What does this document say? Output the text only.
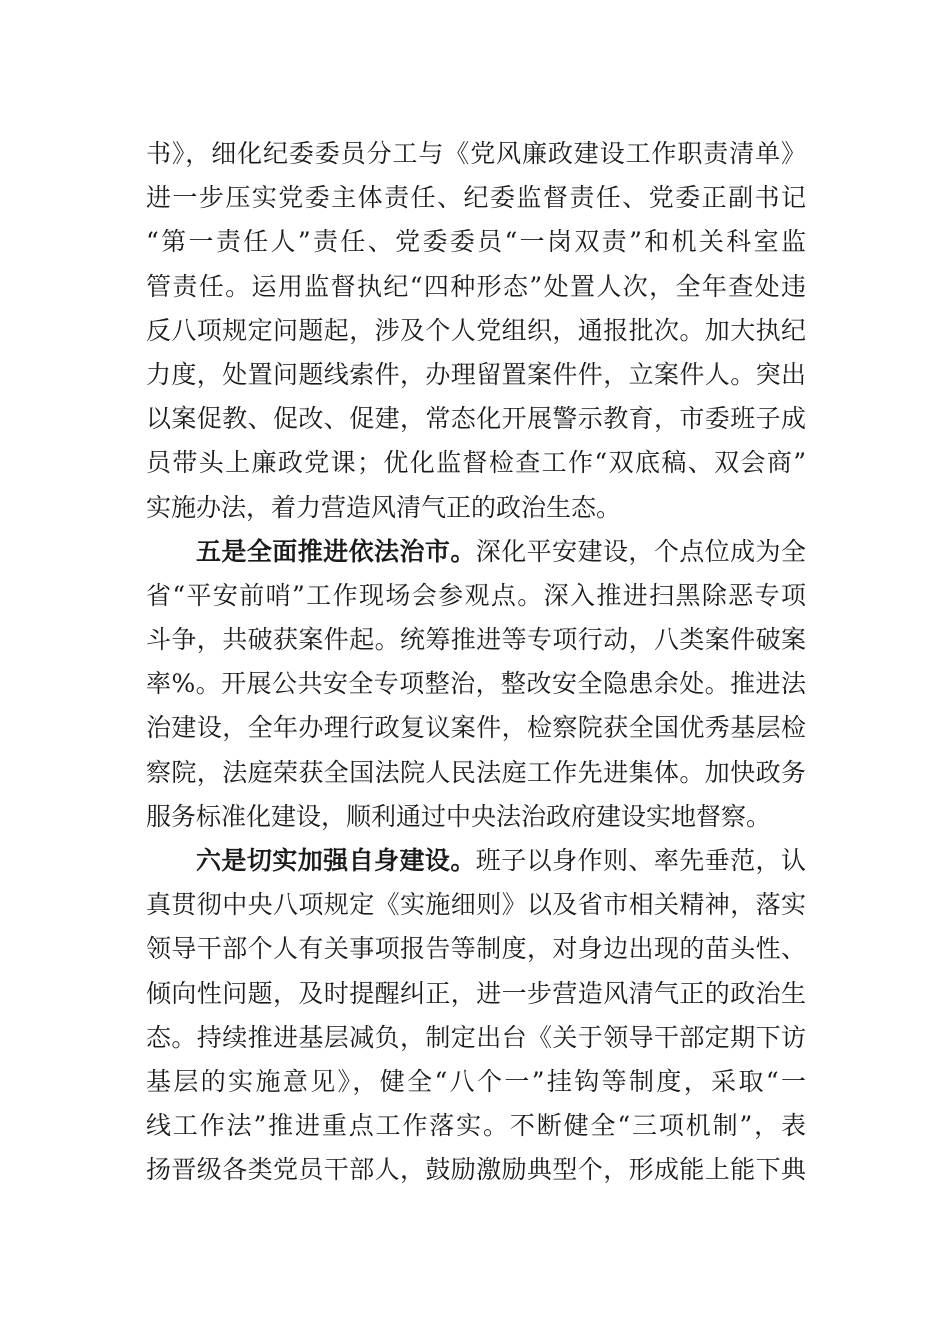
书》，细化纪委委员分工与《党风廉政建设工作职责清单》
进一步压实党委主体责任、纪委监督责任、党委正副书记
“第一责任人”责任、党委委员“一岗双责”和机关科室监
管责任。运用监督执纪“四种形态”处置人次，全年查处违
反八项规定问题起，涉及个人党组织，通报批次。加大执纪
力度，处置问题线索件，办理留置案件件，立案件人。突出
以案促教、促改、促建，常态化开展警示教育，市委班子成
员带头上廉政党课；优化监督检查工作“双底稿、双会商”
实施办法，着力营造风清气正的政治生态。
五是全面推进依法治市。深化平安建设，个点位成为全
省“平安前哨”工作现场会参观点。深入推进扫黑除恶专项
斗争，共破获案件起。统筹推进等专项行动，八类案件破案
率%。开展公共安全专项整治，整改安全隐患余处。推进法
治建设，全年办理行政复议案件，检察院获全国优秀基层检
察院，法庭荣获全国法院人民法庭工作先进集体。加快政务
服务标准化建设，顺利通过中央法治政府建设实地督察。
六是切实加强自身建设。班子以身作则、率先垂范，认
真贯彻中央八项规定《实施细则》以及省市相关精神，落实
领导干部个人有关事项报告等制度，对身边出现的苗头性、
倾向性问题，及时提醒纠正，进一步营造风清气正的政治生
态。持续推进基层减负，制定出台《关于领导干部定期下访
基层的实施意见》，健全“八个一”挂钩等制度，采取“一
线工作法”推进重点工作落实。不断健全“三项机制”，表
扬晋级各类党员干部人，鼓励激励典型个，形成能上能下典
